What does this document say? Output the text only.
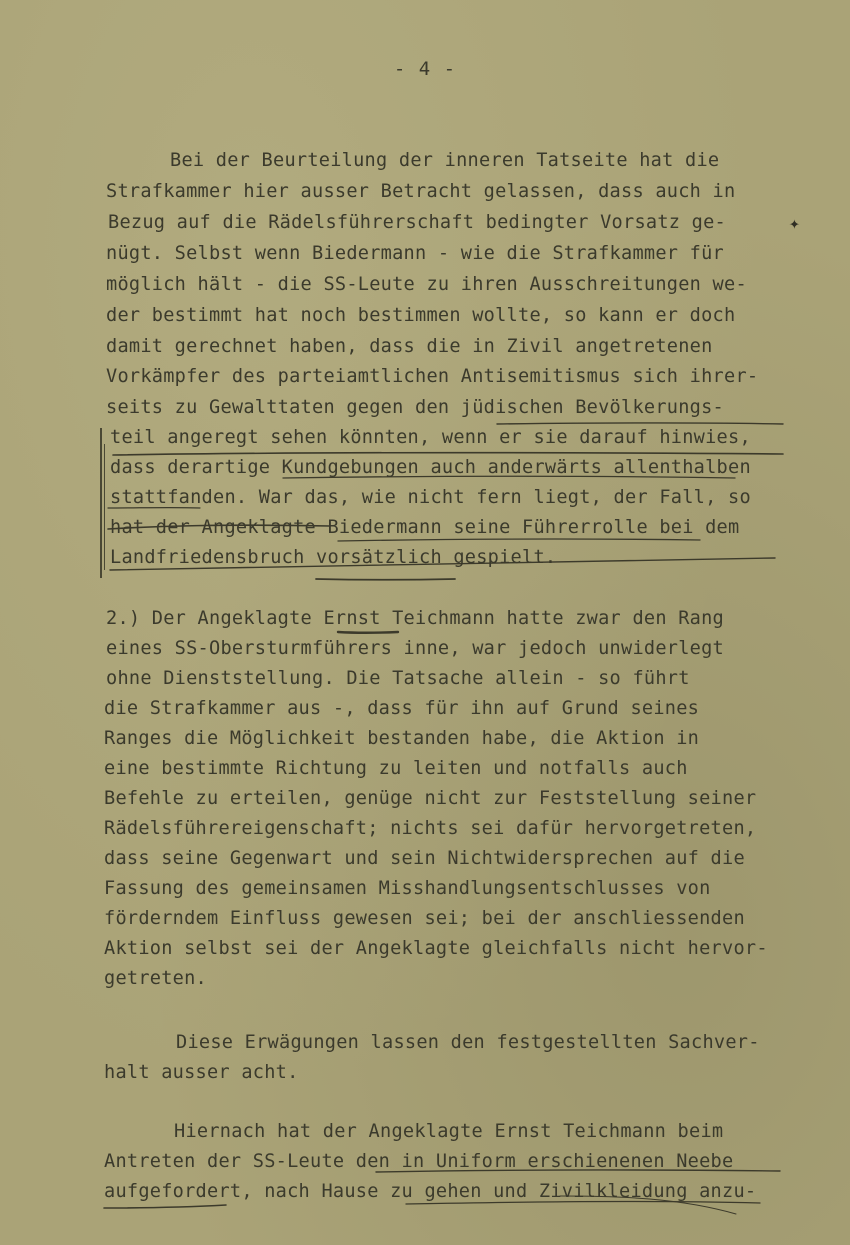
- 4 -
Bei der Beurteilung der inneren Tatseite hat die
Strafkammer hier ausser Betracht gelassen, dass auch in
Bezug auf die Rädelsführerschaft bedingter Vorsatz ge-
nügt. Selbst wenn Biedermann - wie die Strafkammer für
möglich hält - die SS-Leute zu ihren Ausschreitungen we-
der bestimmt hat noch bestimmen wollte, so kann er doch
damit gerechnet haben, dass die in Zivil angetretenen
Vorkämpfer des parteiamtlichen Antisemitismus sich ihrer-
seits zu Gewalttaten gegen den jüdischen Bevölkerungs-
teil angeregt sehen könnten, wenn er sie darauf hinwies,
dass derartige Kundgebungen auch anderwärts allenthalben
stattfanden. War das, wie nicht fern liegt, der Fall, so
hat der Angeklagte Biedermann seine Führerrolle bei dem
Landfriedensbruch vorsätzlich gespielt.
✦
2.) Der Angeklagte Ernst Teichmann hatte zwar den Rang
eines SS-Obersturmführers inne, war jedoch unwiderlegt
ohne Dienststellung. Die Tatsache allein - so führt
die Strafkammer aus -, dass für ihn auf Grund seines
Ranges die Möglichkeit bestanden habe, die Aktion in
eine bestimmte Richtung zu leiten und notfalls auch
Befehle zu erteilen, genüge nicht zur Feststellung seiner
Rädelsführereigenschaft; nichts sei dafür hervorgetreten,
dass seine Gegenwart und sein Nichtwidersprechen auf die
Fassung des gemeinsamen Misshandlungsentschlusses von
förderndem Einfluss gewesen sei; bei der anschliessenden
Aktion selbst sei der Angeklagte gleichfalls nicht hervor-
getreten.
Diese Erwägungen lassen den festgestellten Sachver-
halt ausser acht.
Hiernach hat der Angeklagte Ernst Teichmann beim
Antreten der SS-Leute den in Uniform erschienenen Neebe
aufgefordert, nach Hause zu gehen und Zivilkleidung anzu-
